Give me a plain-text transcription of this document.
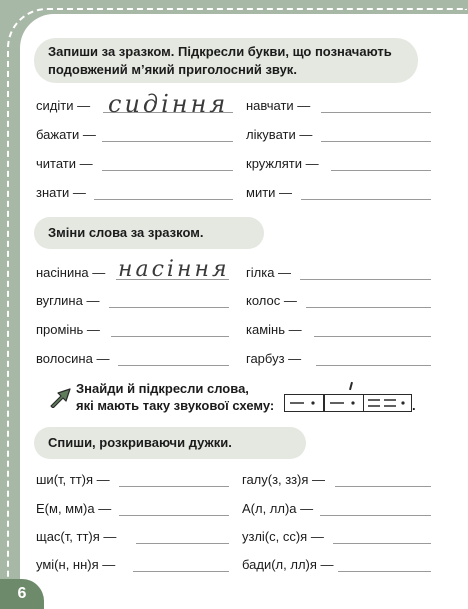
Запиши за зразком. Підкресли букви, що позначають
подовжений м’який приголосний звук.
сидіти — сидіння
бажати —
читати —
знати —
навчати —
лікувати —
кружляти —
мити —
Зміни слова за зразком.
насінина — насіння
вуглина —
промінь —
волосина —
гілка —
колос —
камінь —
гарбуз —
Знайди й підкресли слова,
які мають таку звукової схему:	.
Спиши, розкриваючи дужки.
ши(т, тт)я —
Е(м, мм)а —
щас(т, тт)я —
умі(н, нн)я —
галу(з, зз)я —
А(л, лл)а —
узлі(с, сс)я —
бади(л, лл)я —
6
